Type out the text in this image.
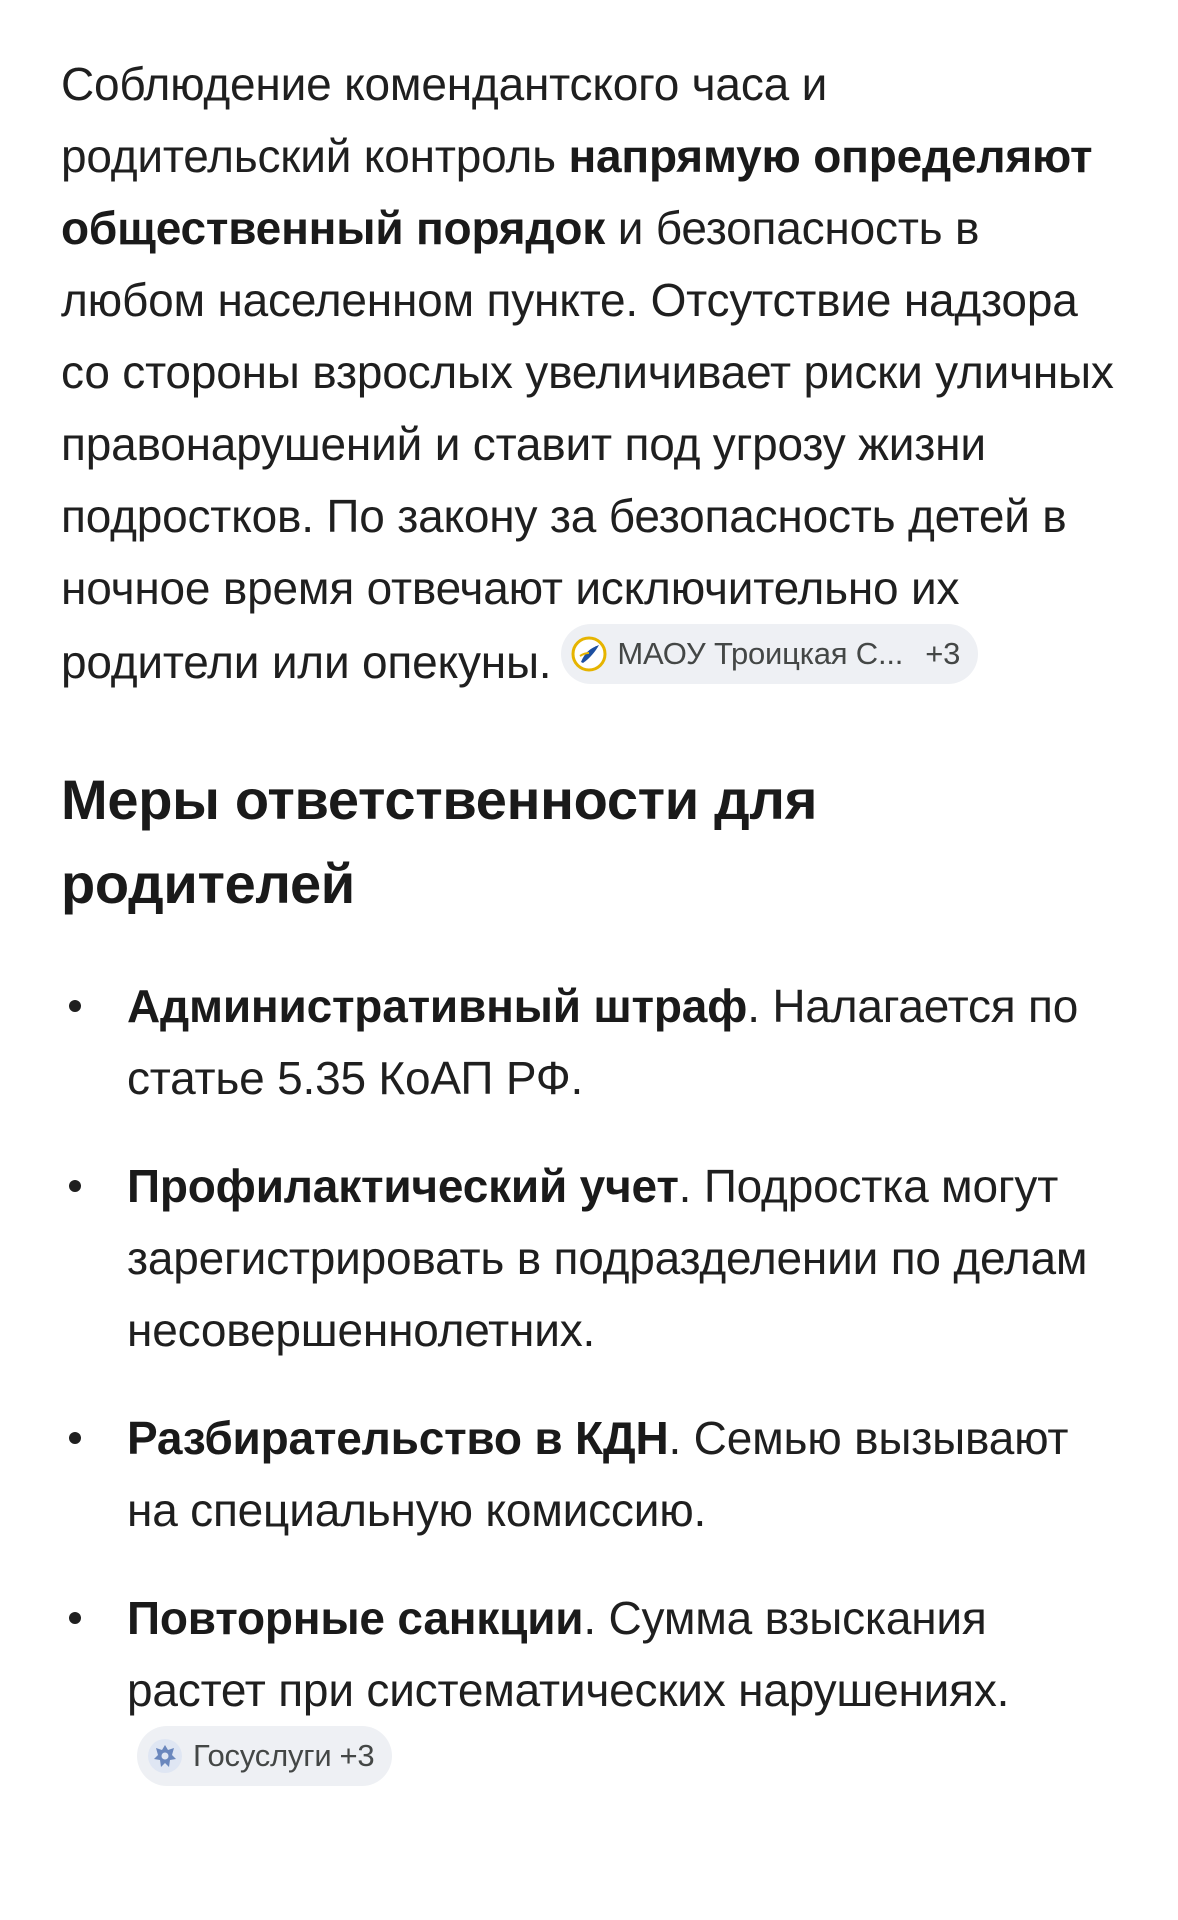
Соблюдение комендантского часа и родительский контроль напрямую определяют общественный порядок и безопасность в любом населенном пункте. Отсутствие надзора со стороны взрослых увеличивает риски уличных правонарушений и ставит под угрозу жизни подростков. По закону за безопасность детей в ночное время отвечают исключительно их родители или опекуны. МАОУ Троицкая С... +3

Меры ответственности для родителей
Административный штраф. Налагается по статье 5.35 КоАП РФ.
Профилактический учет. Подростка могут зарегистрировать в подразделении по делам несовершеннолетних.
Разбирательство в КДН. Семью вызывают на специальную комиссию.
Повторные санкции. Сумма взыскания растет при систематических нарушениях.
Госуслуги +3
